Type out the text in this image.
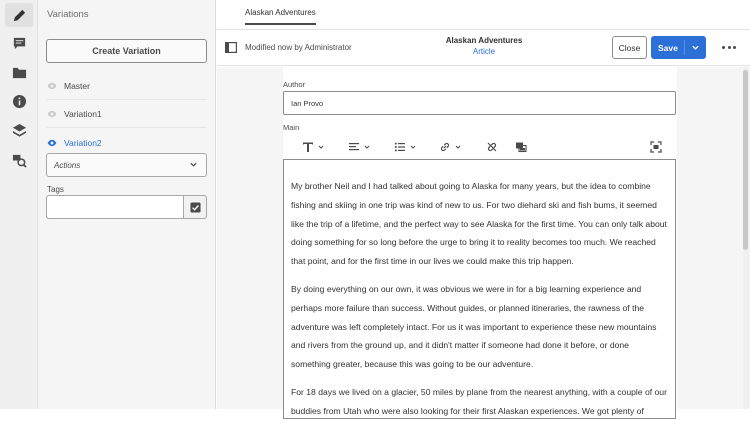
Variations
Create Variation
Master
Variation1
Variation2
Actions
Tags
Alaskan Adventures
Modified now by Administrator
Alaskan Adventures
Article	Close	Save
Author
Ian Provo
Main

My brother Neil and I had talked about going to Alaska for many years, but the idea to combine fishing and skiing in one trip was kind of new to us. For two diehard ski and fish bums, it seemed like the trip of a lifetime, and the perfect way to see Alaska for the first time. You can only talk about doing something for so long before the urge to bring it to reality becomes too much. We reached that point, and for the first time in our lives we could make this trip happen.

By doing everything on our own, it was obvious we were in for a big learning experience and perhaps more failure than success. Without guides, or planned itineraries, the rawness of the adventure was left completely intact. For us it was important to experience these new mountains and rivers from the ground up, and it didn't matter if someone had done it before, or done something greater, because this was going to be our adventure.

For 18 days we lived on a glacier, 50 miles by plane from the nearest anything, with a couple of our buddies from Utah who were also looking for their first Alaskan experiences. We got plenty of
